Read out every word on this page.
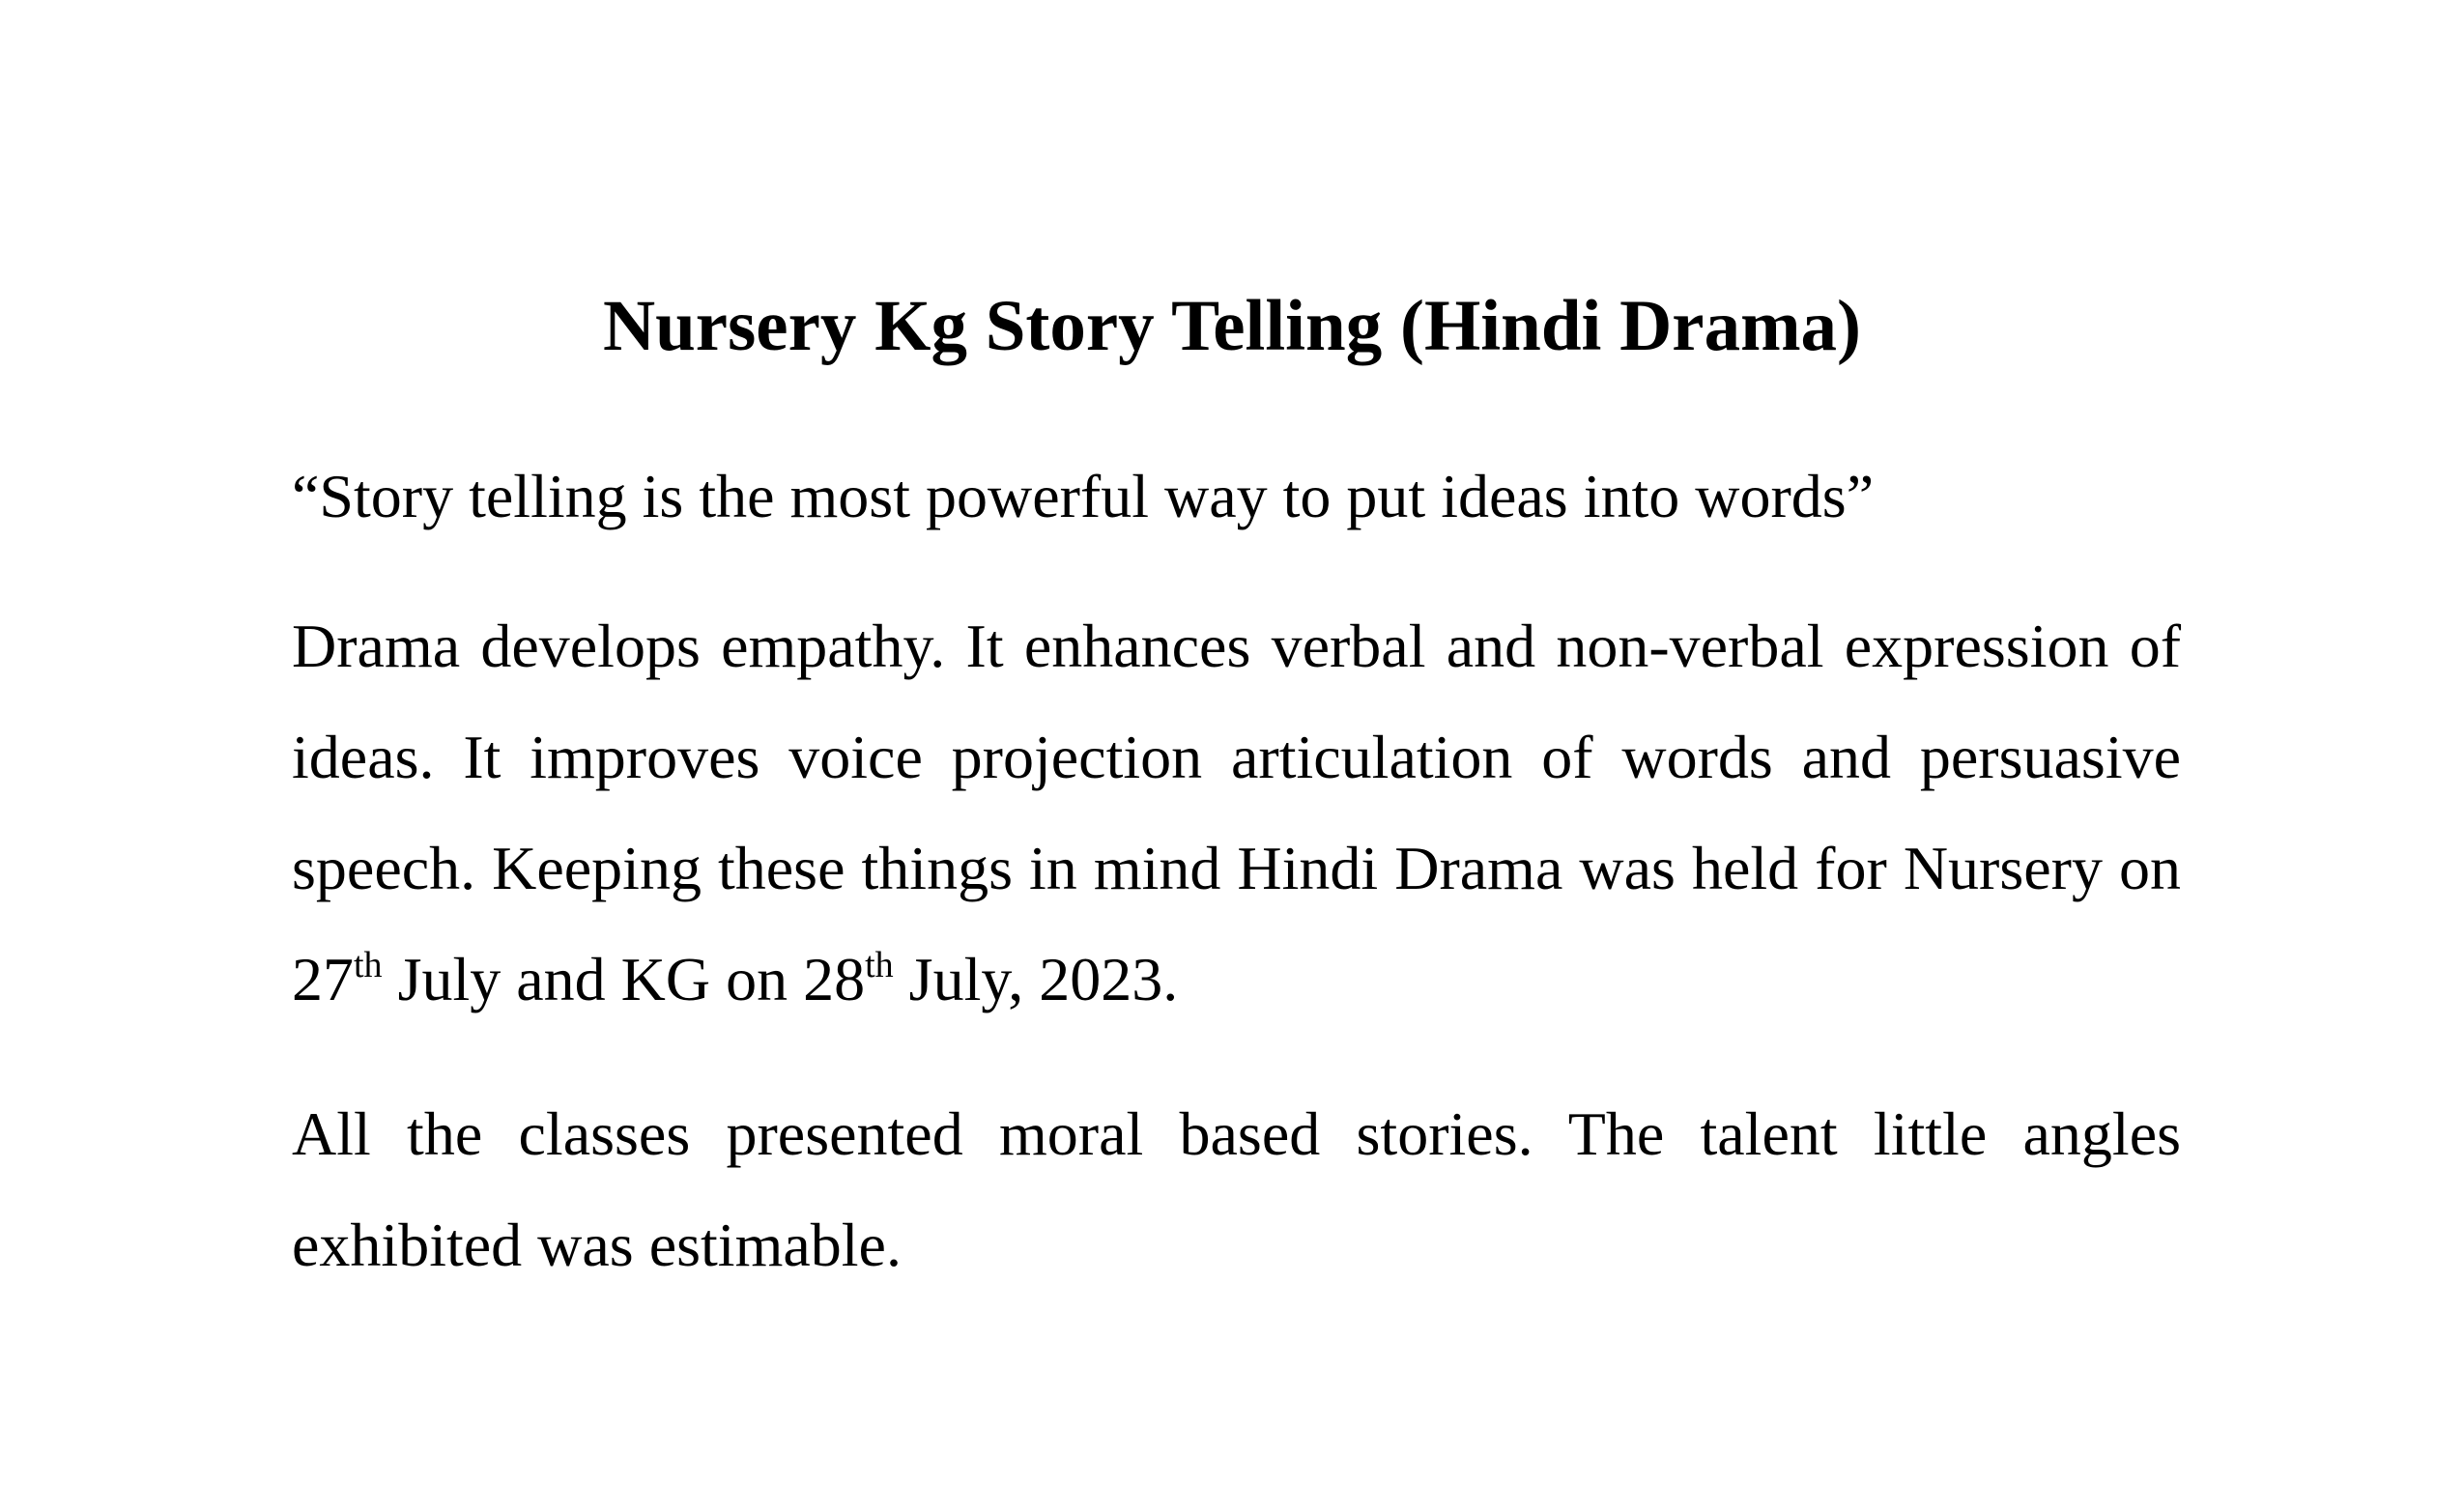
Nursery Kg Story Telling (Hindi Drama)

“Story telling is the most powerful way to put ideas into words”

Drama develops empathy. It enhances verbal and non-verbal expression of ideas. It improves voice projection articulation of words and persuasive speech. Keeping these things in mind Hindi Drama was held for Nursery on 27th July and KG on 28th July, 2023.

All the classes presented moral based stories. The talent little angles exhibited was estimable.
